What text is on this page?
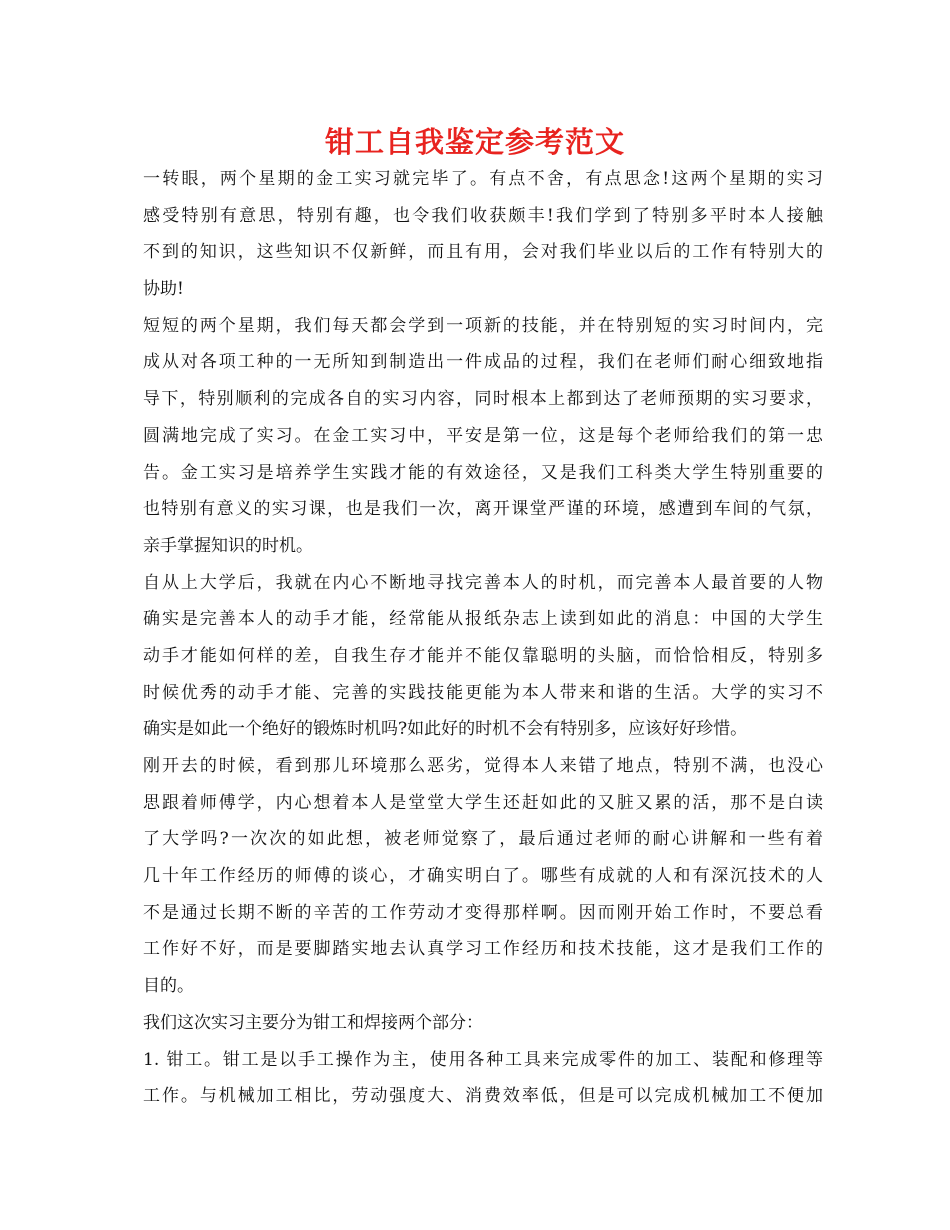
钳工自我鉴定参考范文
一转眼，两个星期的金工实习就完毕了。有点不舍，有点思念!这两个星期的实习
感受特别有意思，特别有趣，也令我们收获颇丰!我们学到了特别多平时本人接触
不到的知识，这些知识不仅新鲜，而且有用，会对我们毕业以后的工作有特别大的
协助!
短短的两个星期，我们每天都会学到一项新的技能，并在特别短的实习时间内，完
成从对各项工种的一无所知到制造出一件成品的过程，我们在老师们耐心细致地指
导下，特别顺利的完成各自的实习内容，同时根本上都到达了老师预期的实习要求，
圆满地完成了实习。在金工实习中，平安是第一位，这是每个老师给我们的第一忠
告。金工实习是培养学生实践才能的有效途径，又是我们工科类大学生特别重要的
也特别有意义的实习课，也是我们一次，离开课堂严谨的环境，感遭到车间的气氛，
亲手掌握知识的时机。
自从上大学后，我就在内心不断地寻找完善本人的时机，而完善本人最首要的人物
确实是完善本人的动手才能，经常能从报纸杂志上读到如此的消息：中国的大学生
动手才能如何样的差，自我生存才能并不能仅靠聪明的头脑，而恰恰相反，特别多
时候优秀的动手才能、完善的实践技能更能为本人带来和谐的生活。大学的实习不
确实是如此一个绝好的锻炼时机吗?如此好的时机不会有特别多，应该好好珍惜。
刚开去的时候，看到那儿环境那么恶劣，觉得本人来错了地点，特别不满，也没心
思跟着师傅学，内心想着本人是堂堂大学生还赶如此的又脏又累的活，那不是白读
了大学吗?一次次的如此想，被老师觉察了，最后通过老师的耐心讲解和一些有着
几十年工作经历的师傅的谈心，才确实明白了。哪些有成就的人和有深沉技术的人
不是通过长期不断的辛苦的工作劳动才变得那样啊。因而刚开始工作时，不要总看
工作好不好，而是要脚踏实地去认真学习工作经历和技术技能，这才是我们工作的
目的。
我们这次实习主要分为钳工和焊接两个部分：
1. 钳工。钳工是以手工操作为主，使用各种工具来完成零件的加工、装配和修理等
工作。与机械加工相比，劳动强度大、消费效率低，但是可以完成机械加工不便加
